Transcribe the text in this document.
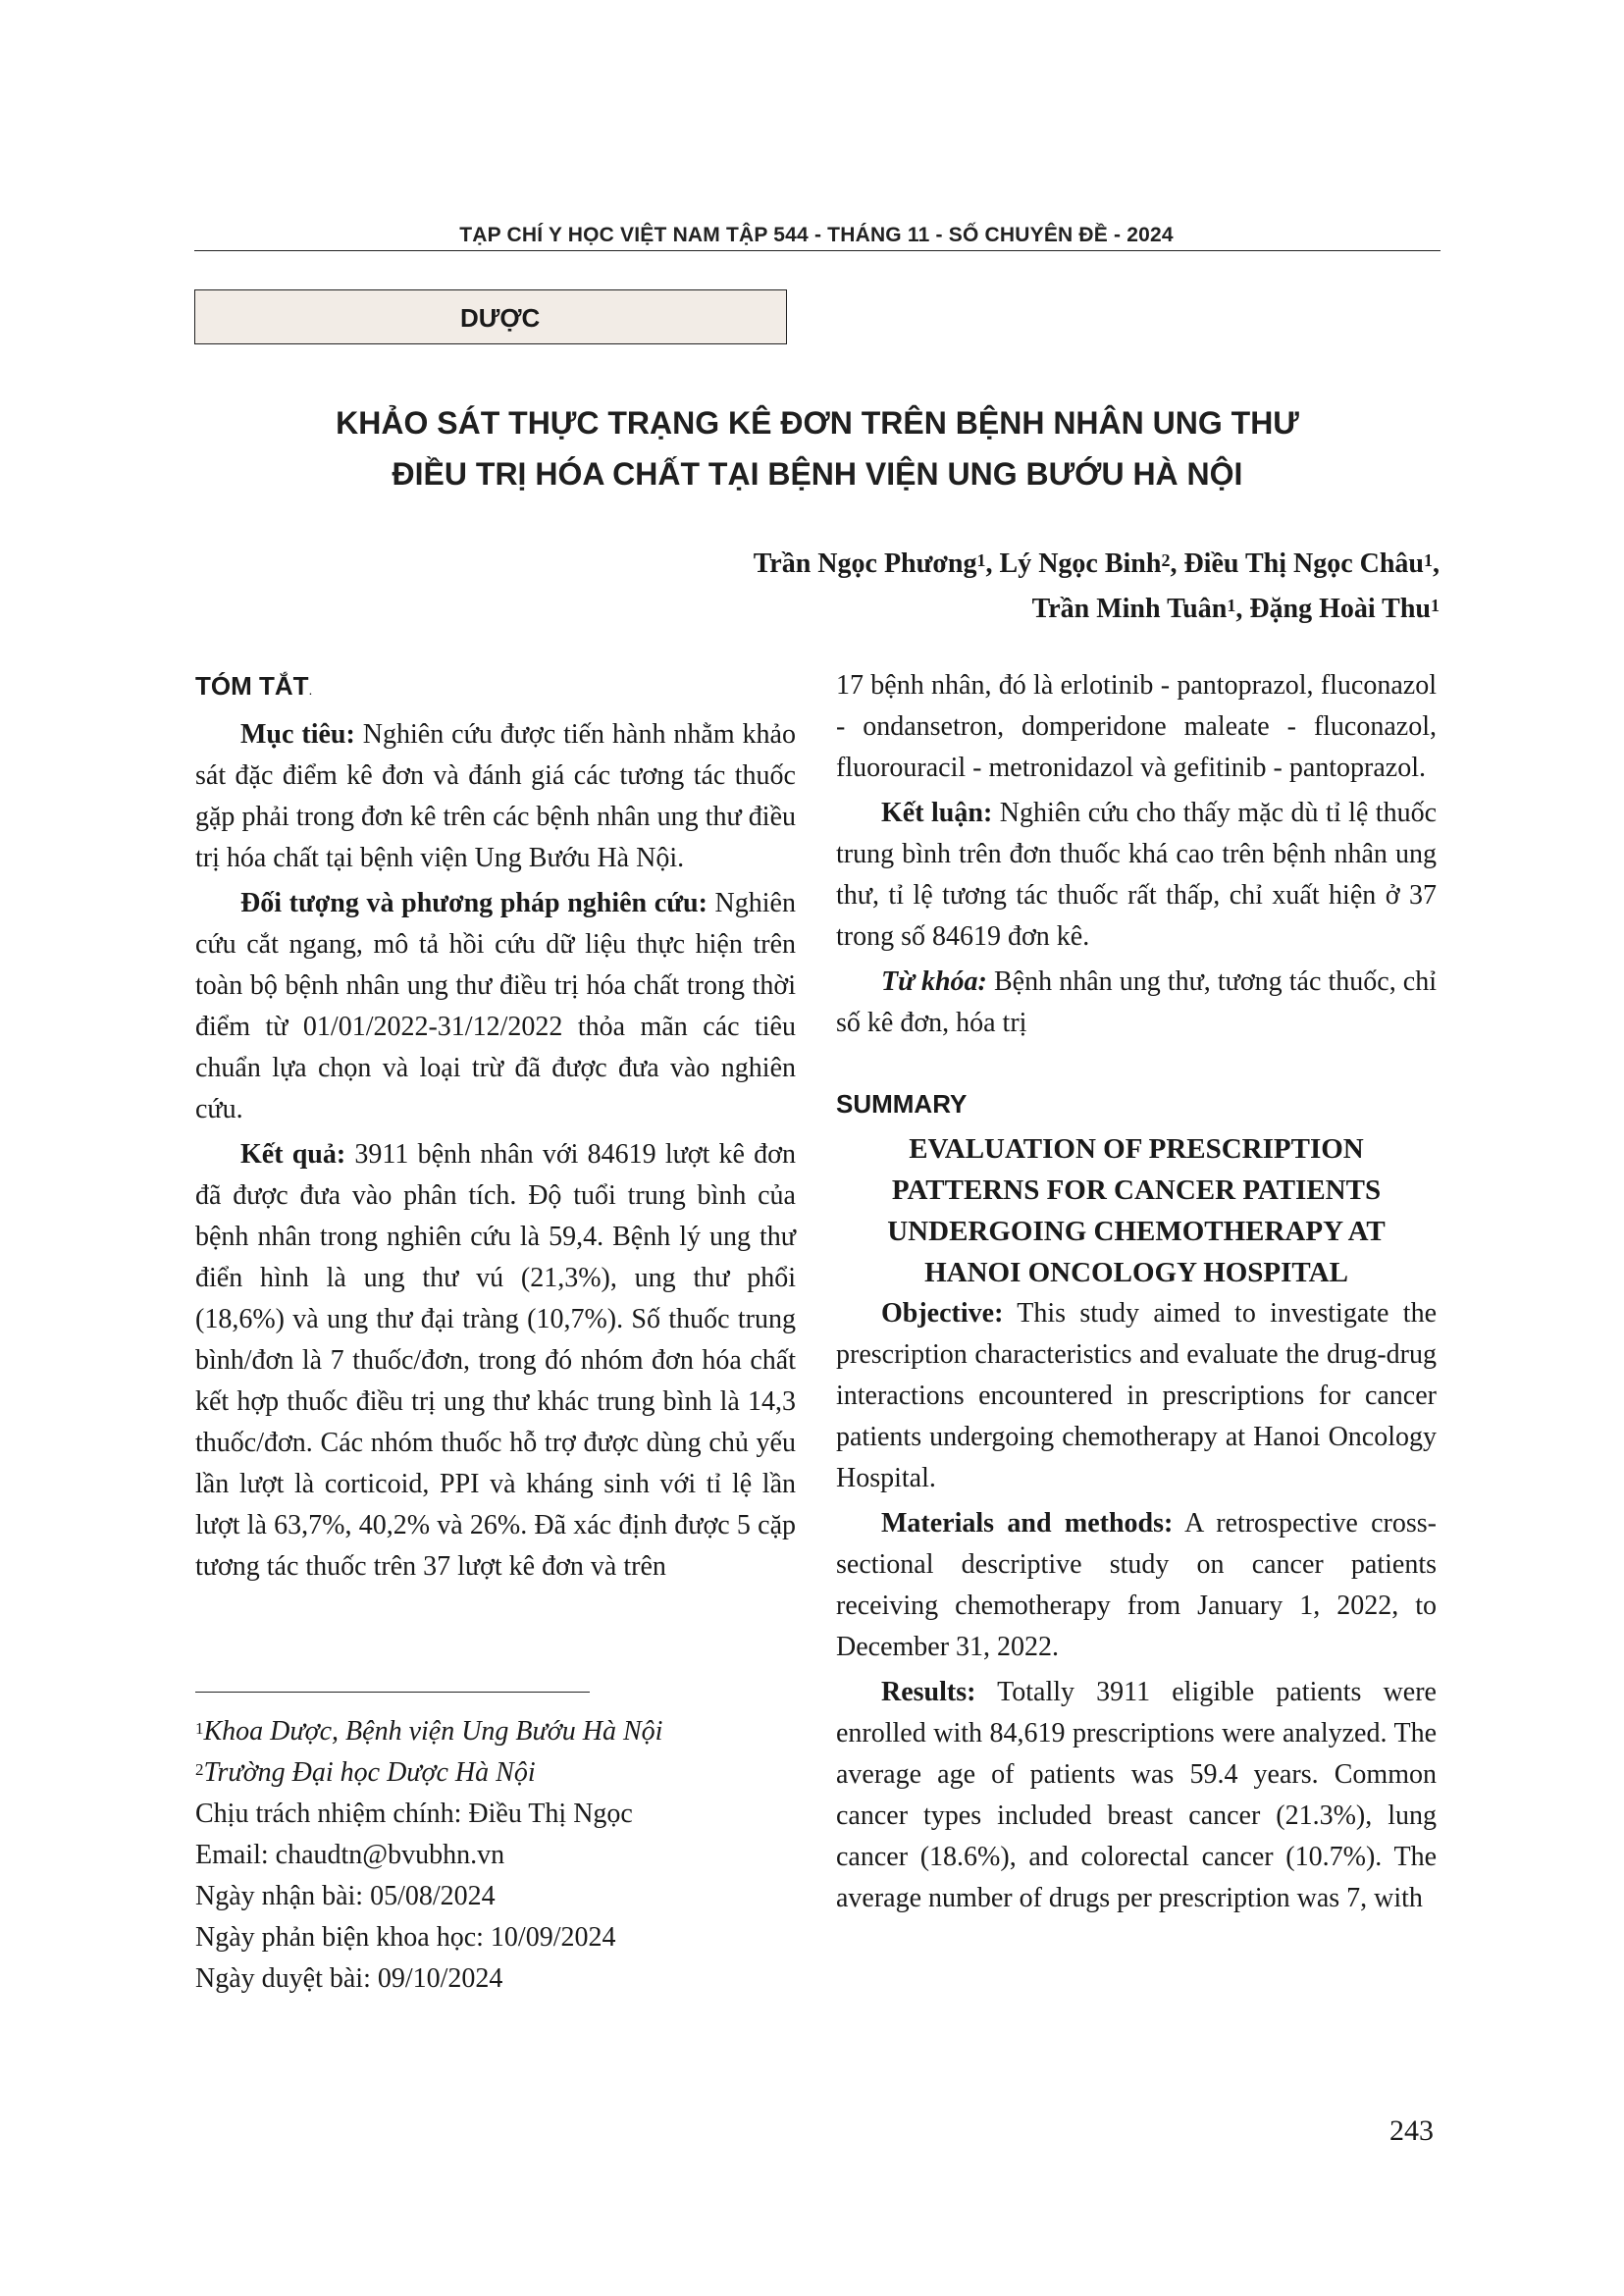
TẠP CHÍ Y HỌC VIỆT NAM TẬP 544 - THÁNG 11 - SỐ CHUYÊN ĐỀ - 2024
DƯỢC
KHẢO SÁT THỰC TRẠNG KÊ ĐƠN TRÊN BỆNH NHÂN UNG THƯ
ĐIỀU TRỊ HÓA CHẤT TẠI BỆNH VIỆN UNG BƯỚU HÀ NỘI
Trần Ngọc Phương$^1$, Lý Ngọc Binh$^2$, Điều Thị Ngọc Châu$^1$,
Trần Minh Tuân$^1$, Đặng Hoài Thu$^1$

TÓM TẮT.

Mục tiêu: Nghiên cứu được tiến hành nhằm khảo sát đặc điểm kê đơn và đánh giá các tương tác thuốc gặp phải trong đơn kê trên các bệnh nhân ung thư điều trị hóa chất tại bệnh viện Ung Bướu Hà Nội.

Đối tượng và phương pháp nghiên cứu: Nghiên cứu cắt ngang, mô tả hồi cứu dữ liệu thực hiện trên toàn bộ bệnh nhân ung thư điều trị hóa chất trong thời điểm từ 01/01/2022-31/12/2022 thỏa mãn các tiêu chuẩn lựa chọn và loại trừ đã được đưa vào nghiên cứu.

Kết quả: 3911 bệnh nhân với 84619 lượt kê đơn đã được đưa vào phân tích. Độ tuổi trung bình của bệnh nhân trong nghiên cứu là 59,4. Bệnh lý ung thư điển hình là ung thư vú (21,3%), ung thư phổi (18,6%) và ung thư đại tràng (10,7%). Số thuốc trung bình/đơn là 7 thuốc/đơn, trong đó nhóm đơn hóa chất kết hợp thuốc điều trị ung thư khác trung bình là 14,3 thuốc/đơn. Các nhóm thuốc hỗ trợ được dùng chủ yếu lần lượt là corticoid, PPI và kháng sinh với tỉ lệ lần lượt là 63,7%, 40,2% và 26%. Đã xác định được 5 cặp tương tác thuốc trên 37 lượt kê đơn và trên

$^1$Khoa Dược, Bệnh viện Ung Bướu Hà Nội
$^2$Trường Đại học Dược Hà Nội
Chịu trách nhiệm chính: Điều Thị Ngọc
Email: chaudtn@bvubhn.vn
Ngày nhận bài: 05/08/2024
Ngày phản biện khoa học: 10/09/2024
Ngày duyệt bài: 09/10/2024

17 bệnh nhân, đó là erlotinib - pantoprazol, fluconazol - ondansetron, domperidone maleate - fluconazol, fluorouracil - metronidazol và gefitinib - pantoprazol.

Kết luận: Nghiên cứu cho thấy mặc dù tỉ lệ thuốc trung bình trên đơn thuốc khá cao trên bệnh nhân ung thư, tỉ lệ tương tác thuốc rất thấp, chỉ xuất hiện ở 37 trong số 84619 đơn kê.

Từ khóa: Bệnh nhân ung thư, tương tác thuốc, chỉ số kê đơn, hóa trị

SUMMARY

EVALUATION OF PRESCRIPTION
PATTERNS FOR CANCER PATIENTS
UNDERGOING CHEMOTHERAPY AT
HANOI ONCOLOGY HOSPITAL

Objective: This study aimed to investigate the prescription characteristics and evaluate the drug-drug interactions encountered in prescriptions for cancer patients undergoing chemotherapy at Hanoi Oncology Hospital.

Materials and methods: A retrospective cross-sectional descriptive study on cancer patients receiving chemotherapy from January 1, 2022, to December 31, 2022.

Results: Totally 3911 eligible patients were enrolled with 84,619 prescriptions were analyzed. The average age of patients was 59.4 years. Common cancer types included breast cancer (21.3%), lung cancer (18.6%), and colorectal cancer (10.7%). The average number of drugs per prescription was 7, with

243
